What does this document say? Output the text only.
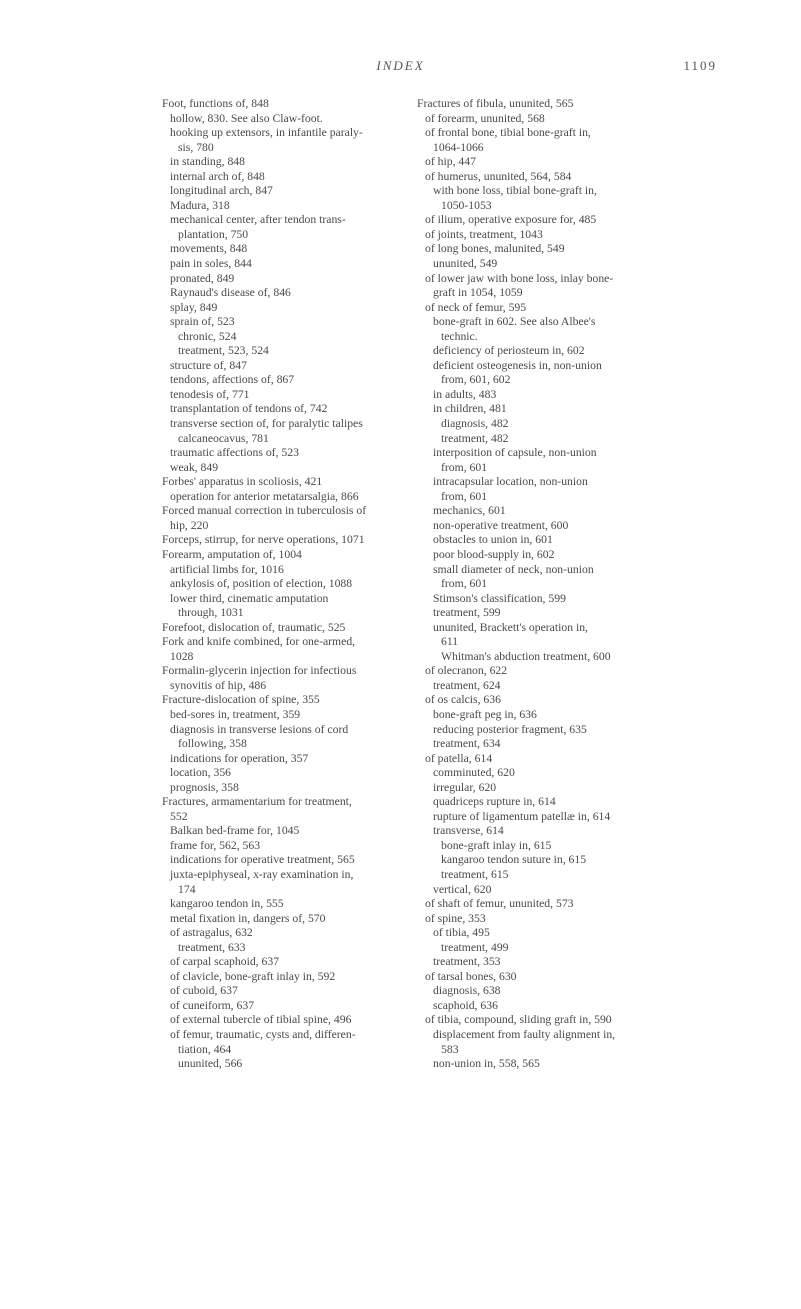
INDEX	1109
Foot, functions of, 848
hollow, 830. See also Claw-foot.
hooking up extensors, in infantile paraly-
sis, 780
in standing, 848
internal arch of, 848
longitudinal arch, 847
Madura, 318
mechanical center, after tendon trans-
plantation, 750
movements, 848
pain in soles, 844
pronated, 849
Raynaud's disease of, 846
splay, 849
sprain of, 523
chronic, 524
treatment, 523, 524
structure of, 847
tendons, affections of, 867
tenodesis of, 771
transplantation of tendons of, 742
transverse section of, for paralytic talipes
calcaneocavus, 781
traumatic affections of, 523
weak, 849
Forbes' apparatus in scoliosis, 421
operation for anterior metatarsalgia, 866
Forced manual correction in tuberculosis of
hip, 220
Forceps, stirrup, for nerve operations, 1071
Forearm, amputation of, 1004
artificial limbs for, 1016
ankylosis of, position of election, 1088
lower third, cinematic amputation
through, 1031
Forefoot, dislocation of, traumatic, 525
Fork and knife combined, for one-armed,
1028
Formalin-glycerin injection for infectious
synovitis of hip, 486
Fracture-dislocation of spine, 355
bed-sores in, treatment, 359
diagnosis in transverse lesions of cord
following, 358
indications for operation, 357
location, 356
prognosis, 358
Fractures, armamentarium for treatment,
552
Balkan bed-frame for, 1045
frame for, 562, 563
indications for operative treatment, 565
juxta-epiphyseal, x-ray examination in,
174
kangaroo tendon in, 555
metal fixation in, dangers of, 570
of astragalus, 632
treatment, 633
of carpal scaphoid, 637
of clavicle, bone-graft inlay in, 592
of cuboid, 637
of cuneiform, 637
of external tubercle of tibial spine, 496
of femur, traumatic, cysts and, differen-
tiation, 464
ununited, 566
Fractures of fibula, ununited, 565
of forearm, ununited, 568
of frontal bone, tibial bone-graft in,
1064-1066
of hip, 447
of humerus, ununited, 564, 584
with bone loss, tibial bone-graft in,
1050-1053
of ilium, operative exposure for, 485
of joints, treatment, 1043
of long bones, malunited, 549
ununited, 549
of lower jaw with bone loss, inlay bone-
graft in 1054, 1059
of neck of femur, 595
bone-graft in 602. See also Albee's
technic.
deficiency of periosteum in, 602
deficient osteogenesis in, non-union
from, 601, 602
in adults, 483
in children, 481
diagnosis, 482
treatment, 482
interposition of capsule, non-union
from, 601
intracapsular location, non-union
from, 601
mechanics, 601
non-operative treatment, 600
obstacles to union in, 601
poor blood-supply in, 602
small diameter of neck, non-union
from, 601
Stimson's classification, 599
treatment, 599
ununited, Brackett's operation in,
611
Whitman's abduction treatment, 600
of olecranon, 622
treatment, 624
of os calcis, 636
bone-graft peg in, 636
reducing posterior fragment, 635
treatment, 634
of patella, 614
comminuted, 620
irregular, 620
quadriceps rupture in, 614
rupture of ligamentum patellæ in, 614
transverse, 614
bone-graft inlay in, 615
kangaroo tendon suture in, 615
treatment, 615
vertical, 620
of shaft of femur, ununited, 573
of spine, 353
of tibia, 495
treatment, 499
treatment, 353
of tarsal bones, 630
diagnosis, 638
scaphoid, 636
of tibia, compound, sliding graft in, 590
displacement from faulty alignment in,
583
non-union in, 558, 565
